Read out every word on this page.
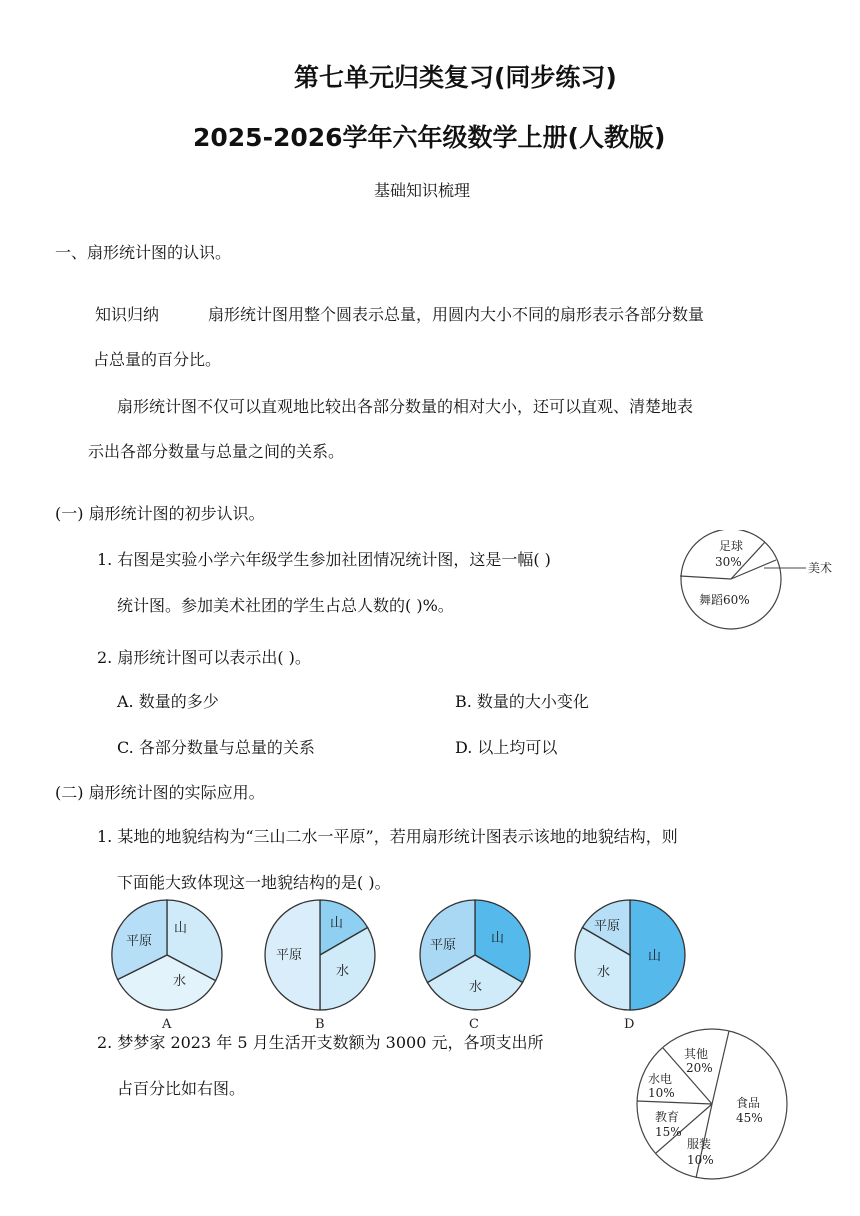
第七单元归类复习(同步练习)
2025-2026学年六年级数学上册(人教版)
基础知识梳理
一、扇形统计图的认识。
知识归纳	扇形统计图用整个圆表示总量，用圆内大小不同的扇形表示各部分数量
占总量的百分比。
扇形统计图不仅可以直观地比较出各部分数量的相对大小，还可以直观、清楚地表
示出各部分数量与总量之间的关系。
(一) 扇形统计图的初步认识。
1. 右图是实验小学六年级学生参加社团情况统计图，这是一幅( )
统计图。参加美术社团的学生占总人数的( )%。
足球
30%	美术
舞蹈60%
2. 扇形统计图可以表示出( )。
A. 数量的多少	B. 数量的大小变化
C. 各部分数量与总量的关系	D. 以上均可以
(二) 扇形统计图的实际应用。
1. 某地的地貌结构为“三山二水一平原”，若用扇形统计图表示该地的地貌结构，则
下面能大致体现这一地貌结构的是( )。
山
水
平原
A
山
水
平原
B
山
水
平原
C
山
水
平原
D
2. 梦梦家 2023 年 5 月生活开支数额为 3000 元，各项支出所
占百分比如右图。
其他
20%
水电
10%
食品
45%
教育
15%
服装
10%
